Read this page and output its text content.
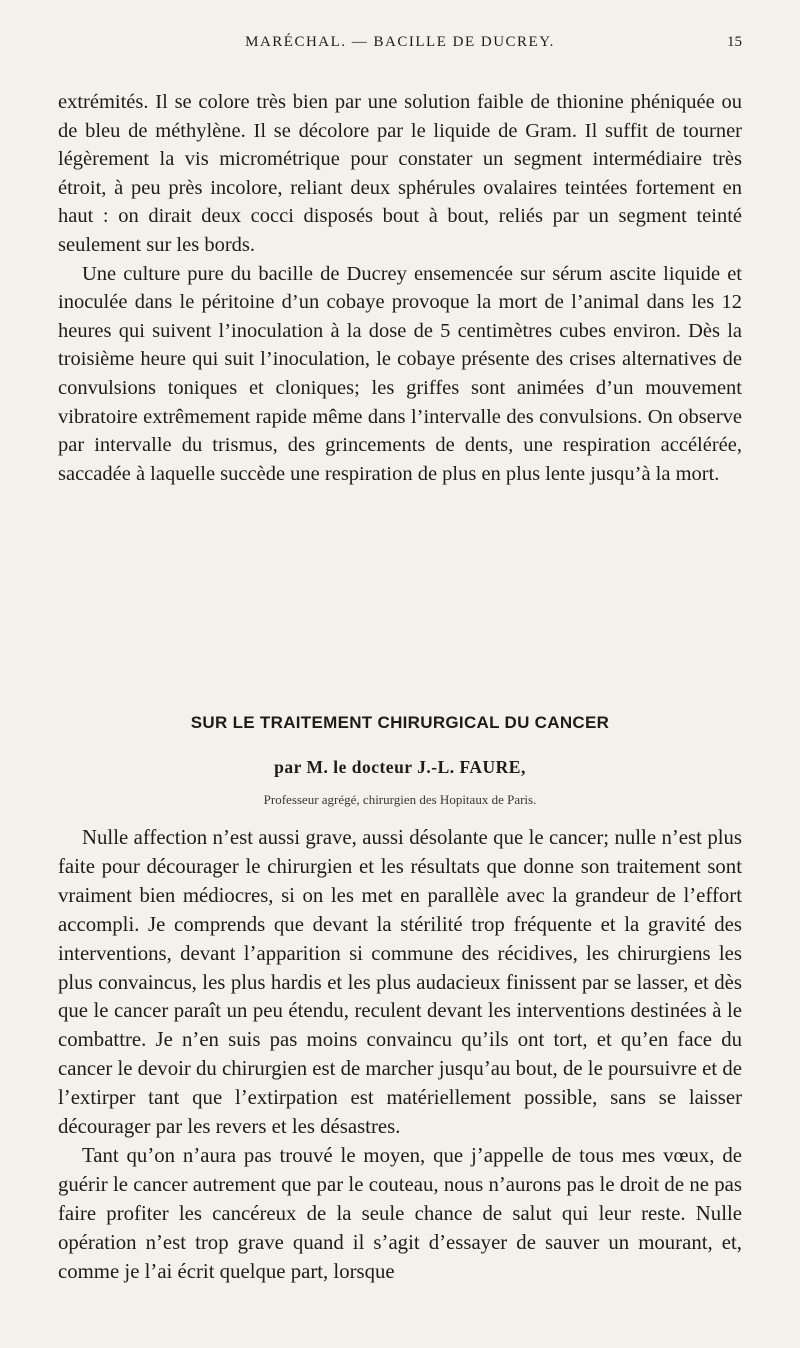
MARÉCHAL. — BACILLE DE DUCREY.	15

extrémités. Il se colore très bien par une solution faible de thionine phéniquée ou de bleu de méthylène. Il se décolore par le liquide de Gram. Il suffit de tourner légèrement la vis micrométrique pour constater un segment intermédiaire très étroit, à peu près incolore, reliant deux sphérules ovalaires teintées fortement en haut : on dirait deux cocci disposés bout à bout, reliés par un segment teinté seulement sur les bords.

Une culture pure du bacille de Ducrey ensemencée sur sérum ascite liquide et inoculée dans le péritoine d’un cobaye provoque la mort de l’animal dans les 12 heures qui suivent l’inoculation à la dose de 5 centimètres cubes environ. Dès la troisième heure qui suit l’inoculation, le cobaye présente des crises alternatives de convulsions toniques et cloniques; les griffes sont animées d’un mouvement vibratoire extrêmement rapide même dans l’intervalle des convulsions. On observe par intervalle du trismus, des grincements de dents, une respiration accélérée, saccadée à laquelle succède une respiration de plus en plus lente jusqu’à la mort.

SUR LE TRAITEMENT CHIRURGICAL DU CANCER
par M. le docteur J.-L. FAURE,
Professeur agrégé, chirurgien des Hopitaux de Paris.

Nulle affection n’est aussi grave, aussi désolante que le cancer; nulle n’est plus faite pour décourager le chirurgien et les résultats que donne son traitement sont vraiment bien médiocres, si on les met en parallèle avec la grandeur de l’effort accompli. Je comprends que devant la stérilité trop fréquente et la gravité des interventions, devant l’apparition si commune des récidives, les chirurgiens les plus convaincus, les plus hardis et les plus audacieux finissent par se lasser, et dès que le cancer paraît un peu étendu, reculent devant les interventions destinées à le combattre. Je n’en suis pas moins convaincu qu’ils ont tort, et qu’en face du cancer le devoir du chirurgien est de marcher jusqu’au bout, de le poursuivre et de l’extirper tant que l’extirpation est matériellement possible, sans se laisser décourager par les revers et les désastres.

Tant qu’on n’aura pas trouvé le moyen, que j’appelle de tous mes vœux, de guérir le cancer autrement que par le couteau, nous n’aurons pas le droit de ne pas faire profiter les cancéreux de la seule chance de salut qui leur reste. Nulle opération n’est trop grave quand il s’agit d’essayer de sauver un mourant, et, comme je l’ai écrit quelque part, lorsque
